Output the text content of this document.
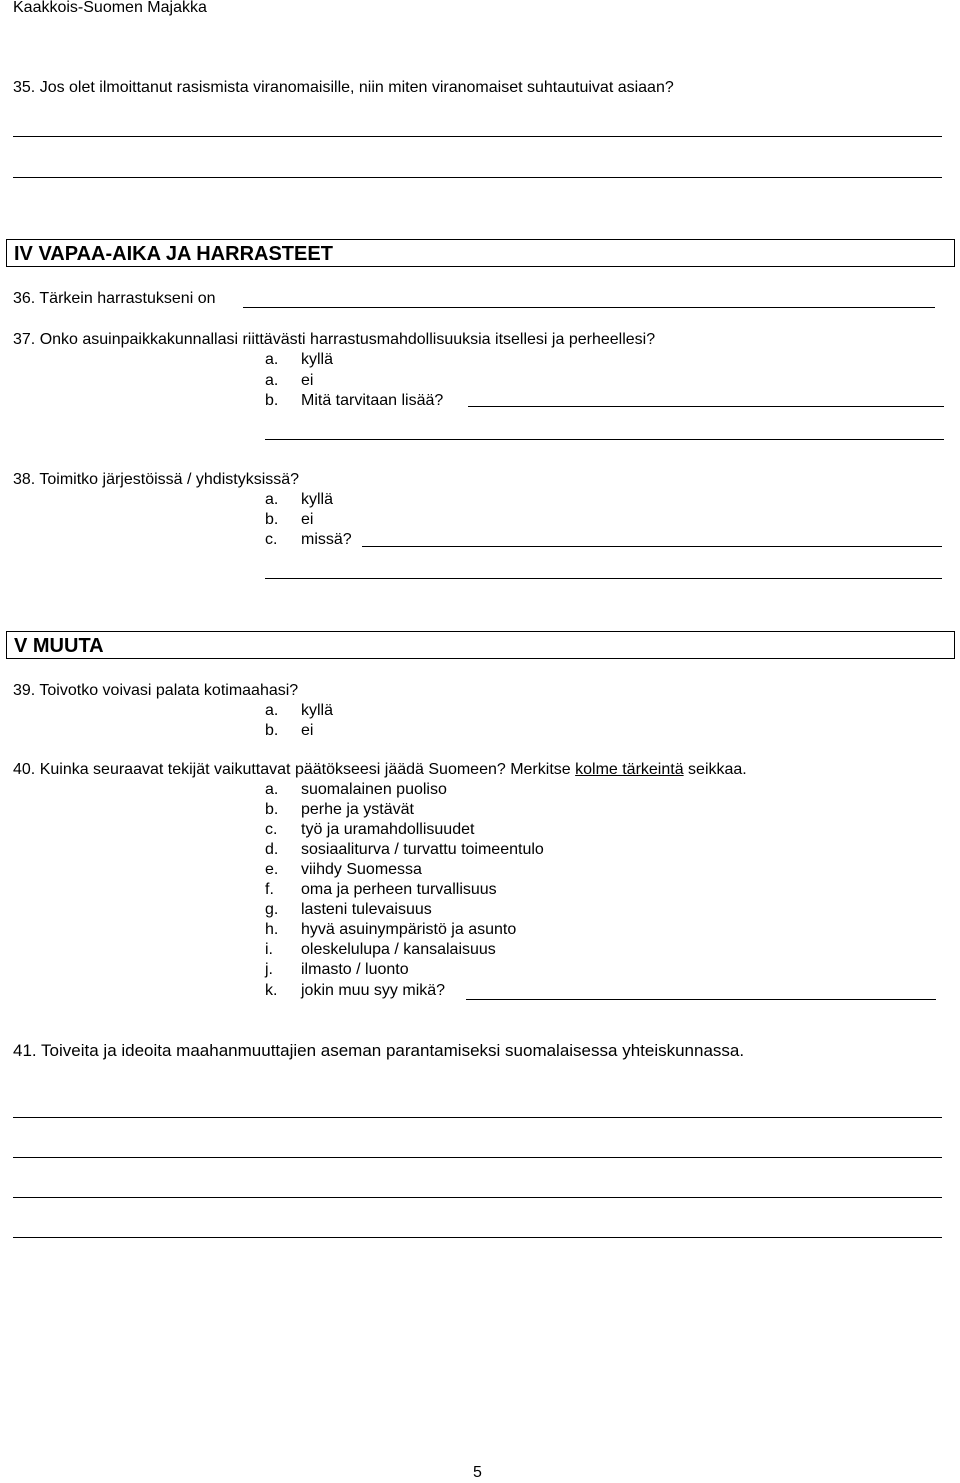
Kaakkois-Suomen Majakka
35. Jos olet ilmoittanut rasismista viranomaisille, niin miten viranomaiset suhtautuivat asiaan?
IV VAPAA-AIKA JA HARRASTEET
36. Tärkein harrastukseni on
37. Onko asuinpaikkakunnallasi riittävästi harrastusmahdollisuuksia itsellesi ja perheellesi?
a. kyllä
a. ei
b. Mitä tarvitaan lisää?
38. Toimitko järjestöissä / yhdistyksissä?
a. kyllä
b. ei
c. missä?
V MUUTA
39. Toivotko voivasi palata kotimaahasi?
a. kyllä
b. ei
40. Kuinka seuraavat tekijät vaikuttavat päätökseesi jäädä Suomeen? Merkitse kolme tärkeintä seikkaa.
a. suomalainen puoliso
b. perhe ja ystävät
c. työ ja uramahdollisuudet
d. sosiaaliturva / turvattu toimeentulo
e. viihdy Suomessa
f. oma ja perheen turvallisuus
g. lasteni tulevaisuus
h. hyvä asuinympäristö ja asunto
i. oleskelulupa / kansalaisuus
j. ilmasto / luonto
k. jokin muu syy mikä?
41. Toiveita ja ideoita maahanmuuttajien aseman parantamiseksi suomalaisessa yhteiskunnassa.
5
